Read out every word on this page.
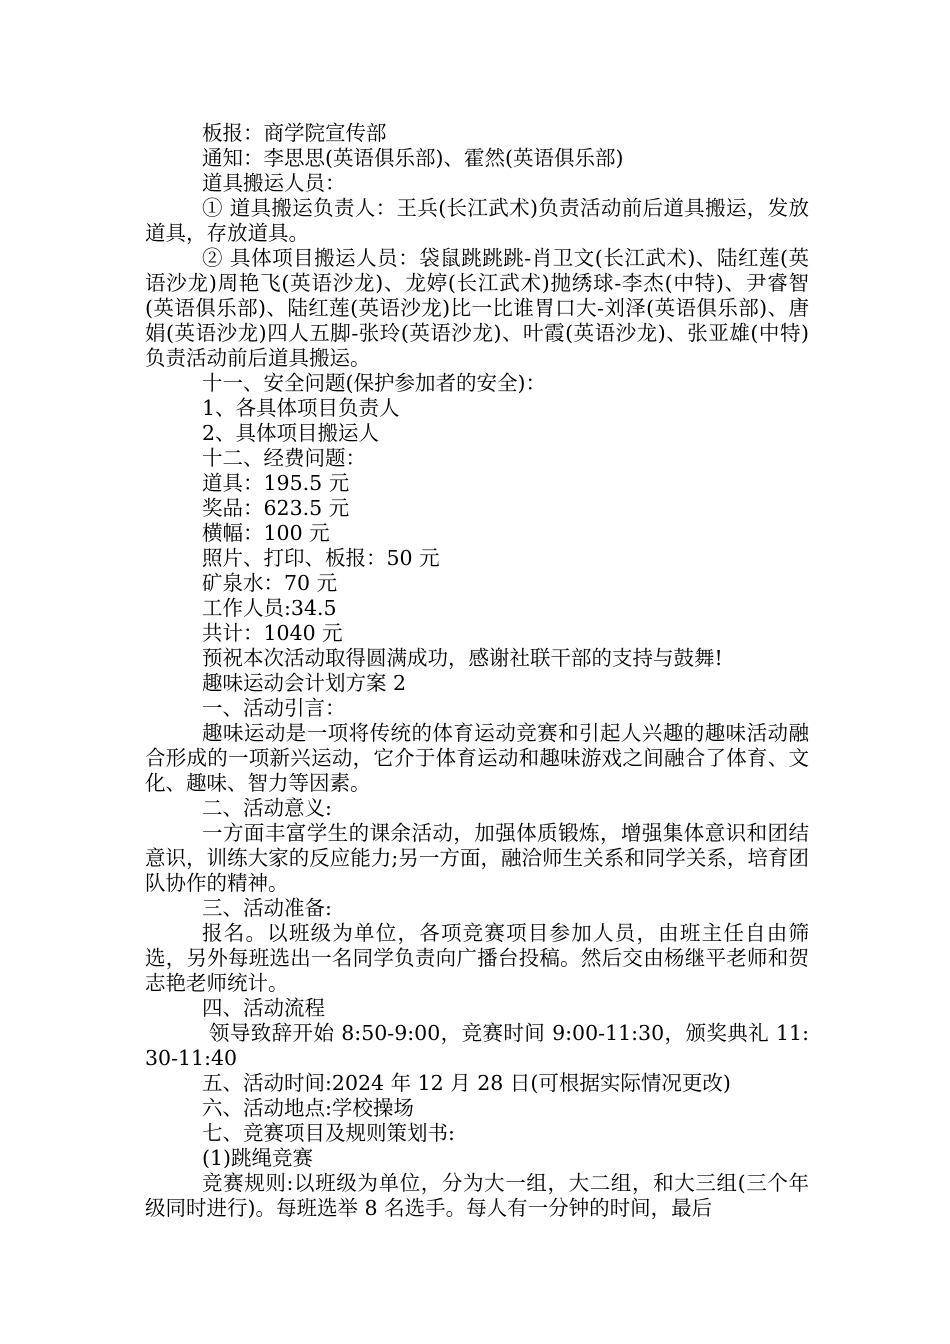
板报：商学院宣传部

通知：李思思(英语俱乐部)、霍然(英语俱乐部)

道具搬运人员：

① 道具搬运负责人：王兵(长江武术)负责活动前后道具搬运，发放道具，存放道具。

② 具体项目搬运人员：袋鼠跳跳跳-肖卫文(长江武术)、陆红莲(英语沙龙)周艳飞(英语沙龙)、龙婷(长江武术)抛绣球-李杰(中特)、尹睿智(英语俱乐部)、陆红莲(英语沙龙)比一比谁胃口大-刘泽(英语俱乐部)、唐娟(英语沙龙)四人五脚-张玲(英语沙龙)、叶霞(英语沙龙)、张亚雄(中特)负责活动前后道具搬运。

十一、安全问题(保护参加者的安全)：

1、各具体项目负责人

2、具体项目搬运人

十二、经费问题：

道具：195.5 元

奖品：623.5 元

横幅：100 元

照片、打印、板报：50 元

矿泉水：70 元

工作人员:34.5

共计：1040 元

预祝本次活动取得圆满成功，感谢社联干部的支持与鼓舞!

趣味运动会计划方案 2

一、活动引言：

趣味运动是一项将传统的体育运动竞赛和引起人兴趣的趣味活动融合形成的一项新兴运动，它介于体育运动和趣味游戏之间融合了体育、文化、趣味、智力等因素。

二、活动意义:

一方面丰富学生的课余活动，加强体质锻炼，增强集体意识和团结意识，训练大家的反应能力;另一方面，融洽师生关系和同学关系，培育团队协作的精神。

三、活动准备:

报名。以班级为单位，各项竞赛项目参加人员，由班主任自由筛选，另外每班选出一名同学负责向广播台投稿。然后交由杨继平老师和贺志艳老师统计。

四、活动流程

领导致辞开始 8:50-9:00，竞赛时间 9:00-11:30，颁奖典礼 11:30-11:40

五、活动时间:2024 年 12 月 28 日(可根据实际情况更改)

六、活动地点:学校操场

七、竞赛项目及规则策划书:

(1)跳绳竞赛

竞赛规则:以班级为单位，分为大一组，大二组，和大三组(三个年级同时进行)。每班选举 8 名选手。每人有一分钟的时间，最后
